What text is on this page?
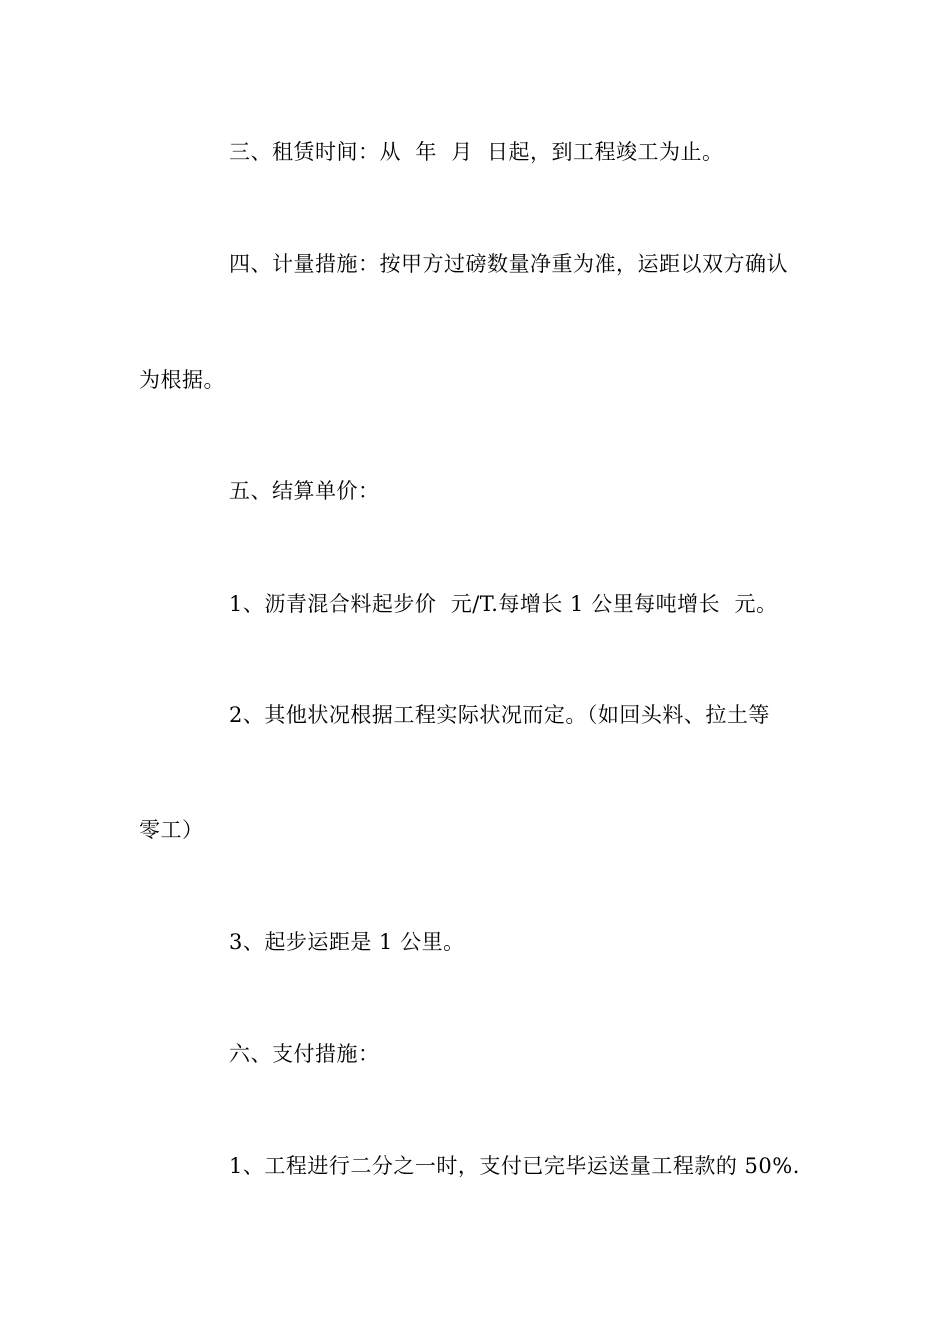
三、租赁时间：从  年  月  日起，到工程竣工为止。
四、计量措施：按甲方过磅数量净重为准，运距以双方确认
为根据。
五、结算单价：
1、沥青混合料起步价  元/T.每增长 1 公里每吨增长  元。
2、其他状况根据工程实际状况而定。（如回头料、拉土等
零工）
3、起步运距是 1 公里。
六、支付措施：
1、工程进行二分之一时，支付已完毕运送量工程款的 50%.
